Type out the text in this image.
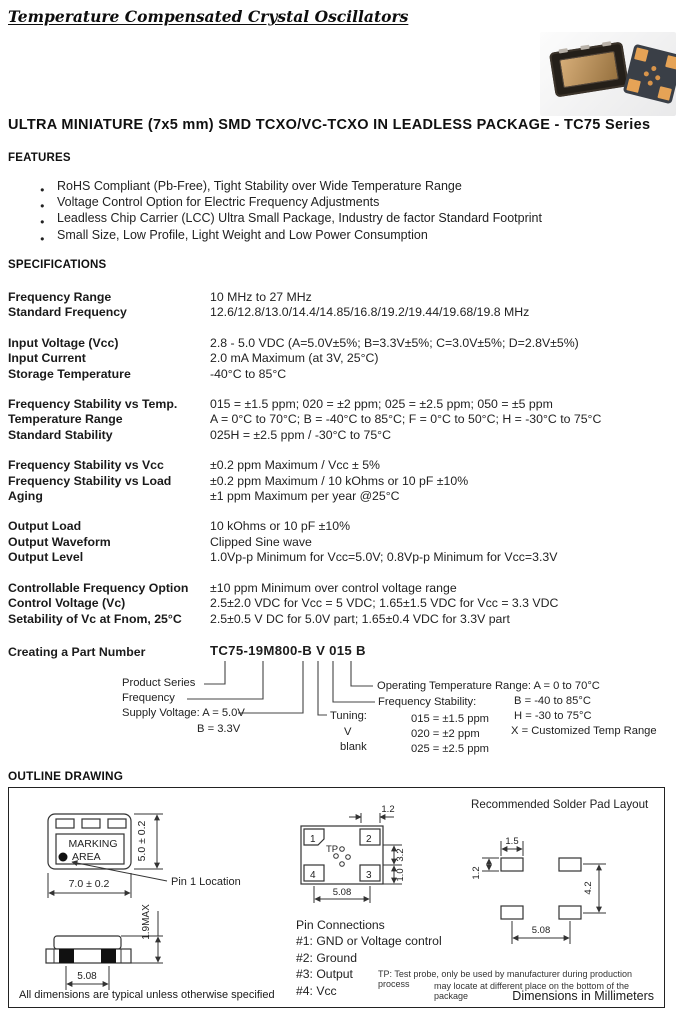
Temperature Compensated Crystal Oscillators
ULTRA MINIATURE (7x5 mm) SMD TCXO/VC-TCXO IN LEADLESS PACKAGE - TC75 Series
FEATURES
● RoHS Compliant (Pb-Free), Tight Stability over Wide Temperature Range
● Voltage Control Option for Electric Frequency Adjustments
● Leadless Chip Carrier (LCC) Ultra Small Package, Industry de factor Standard Footprint
● Small Size, Low Profile, Light Weight and Low Power Consumption
SPECIFICATIONS
Frequency Range	10 MHz to 27 MHz
Standard Frequency	12.6/12.8/13.0/14.4/14.85/16.8/19.2/19.44/19.68/19.8 MHz
Input Voltage (Vcc)	2.8 - 5.0 VDC (A=5.0V±5%; B=3.3V±5%; C=3.0V±5%; D=2.8V±5%)
Input Current	2.0 mA Maximum (at 3V, 25°C)
Storage Temperature	-40°C to 85°C
Frequency Stability vs Temp.	015 = ±1.5 ppm; 020 = ±2 ppm; 025 = ±2.5 ppm; 050 = ±5 ppm
Temperature Range	A = 0°C to 70°C; B = -40°C to 85°C; F = 0°C to 50°C; H = -30°C to 75°C
Standard Stability	025H = ±2.5 ppm / -30°C to 75°C
Frequency Stability vs Vcc	±0.2 ppm Maximum / Vcc ± 5%
Frequency Stability vs Load	±0.2 ppm Maximum / 10 kOhms or 10 pF ±10%
Aging	±1 ppm Maximum per year @25°C
Output Load	10 kOhms or 10 pF ±10%
Output Waveform	Clipped Sine wave
Output Level	1.0Vp-p Minimum for Vcc=5.0V; 0.8Vp-p Minimum for Vcc=3.3V
Controllable Frequency Option	±10 ppm Minimum over control voltage range
Control Voltage (Vc)	2.5±2.0 VDC for Vcc = 5 VDC; 1.65±1.5 VDC for Vcc = 3.3 VDC
Setability of Vc at Fnom, 25°C	2.5±0.5 V DC for 5.0V part; 1.65±0.4 VDC for 3.3V part
Creating a Part Number	TC75-19M800-B V 015 B
Product Series
Frequency
Supply Voltage: A = 5.0V
B = 3.3V
Tuning:
V
blank
Frequency Stability:
015 = ±1.5 ppm
020 = ±2 ppm
025 = ±2.5 ppm
Operating Temperature Range: A = 0 to 70°C
B = -40 to 85°C
H = -30 to 75°C
X = Customized Temp Range
OUTLINE DRAWING
MARKING
AREA	5.0 ± 0.2
7.0 ± 0.2	Pin 1 Location
1.9MAX
5.08
All dimensions are typical unless otherwise specified
1	2
4	3
TP
1.2
3.2
1.0
5.08
Pin Connections
#1: GND or Voltage control
#2: Ground
#3: Output
#4: Vcc
TP: Test probe, only be used by manufacturer during production process	may locate at different place on the bottom of the package	Dimensions in Millimeters
Recommended Solder Pad Layout
1.5
1.2
4.2
5.08
